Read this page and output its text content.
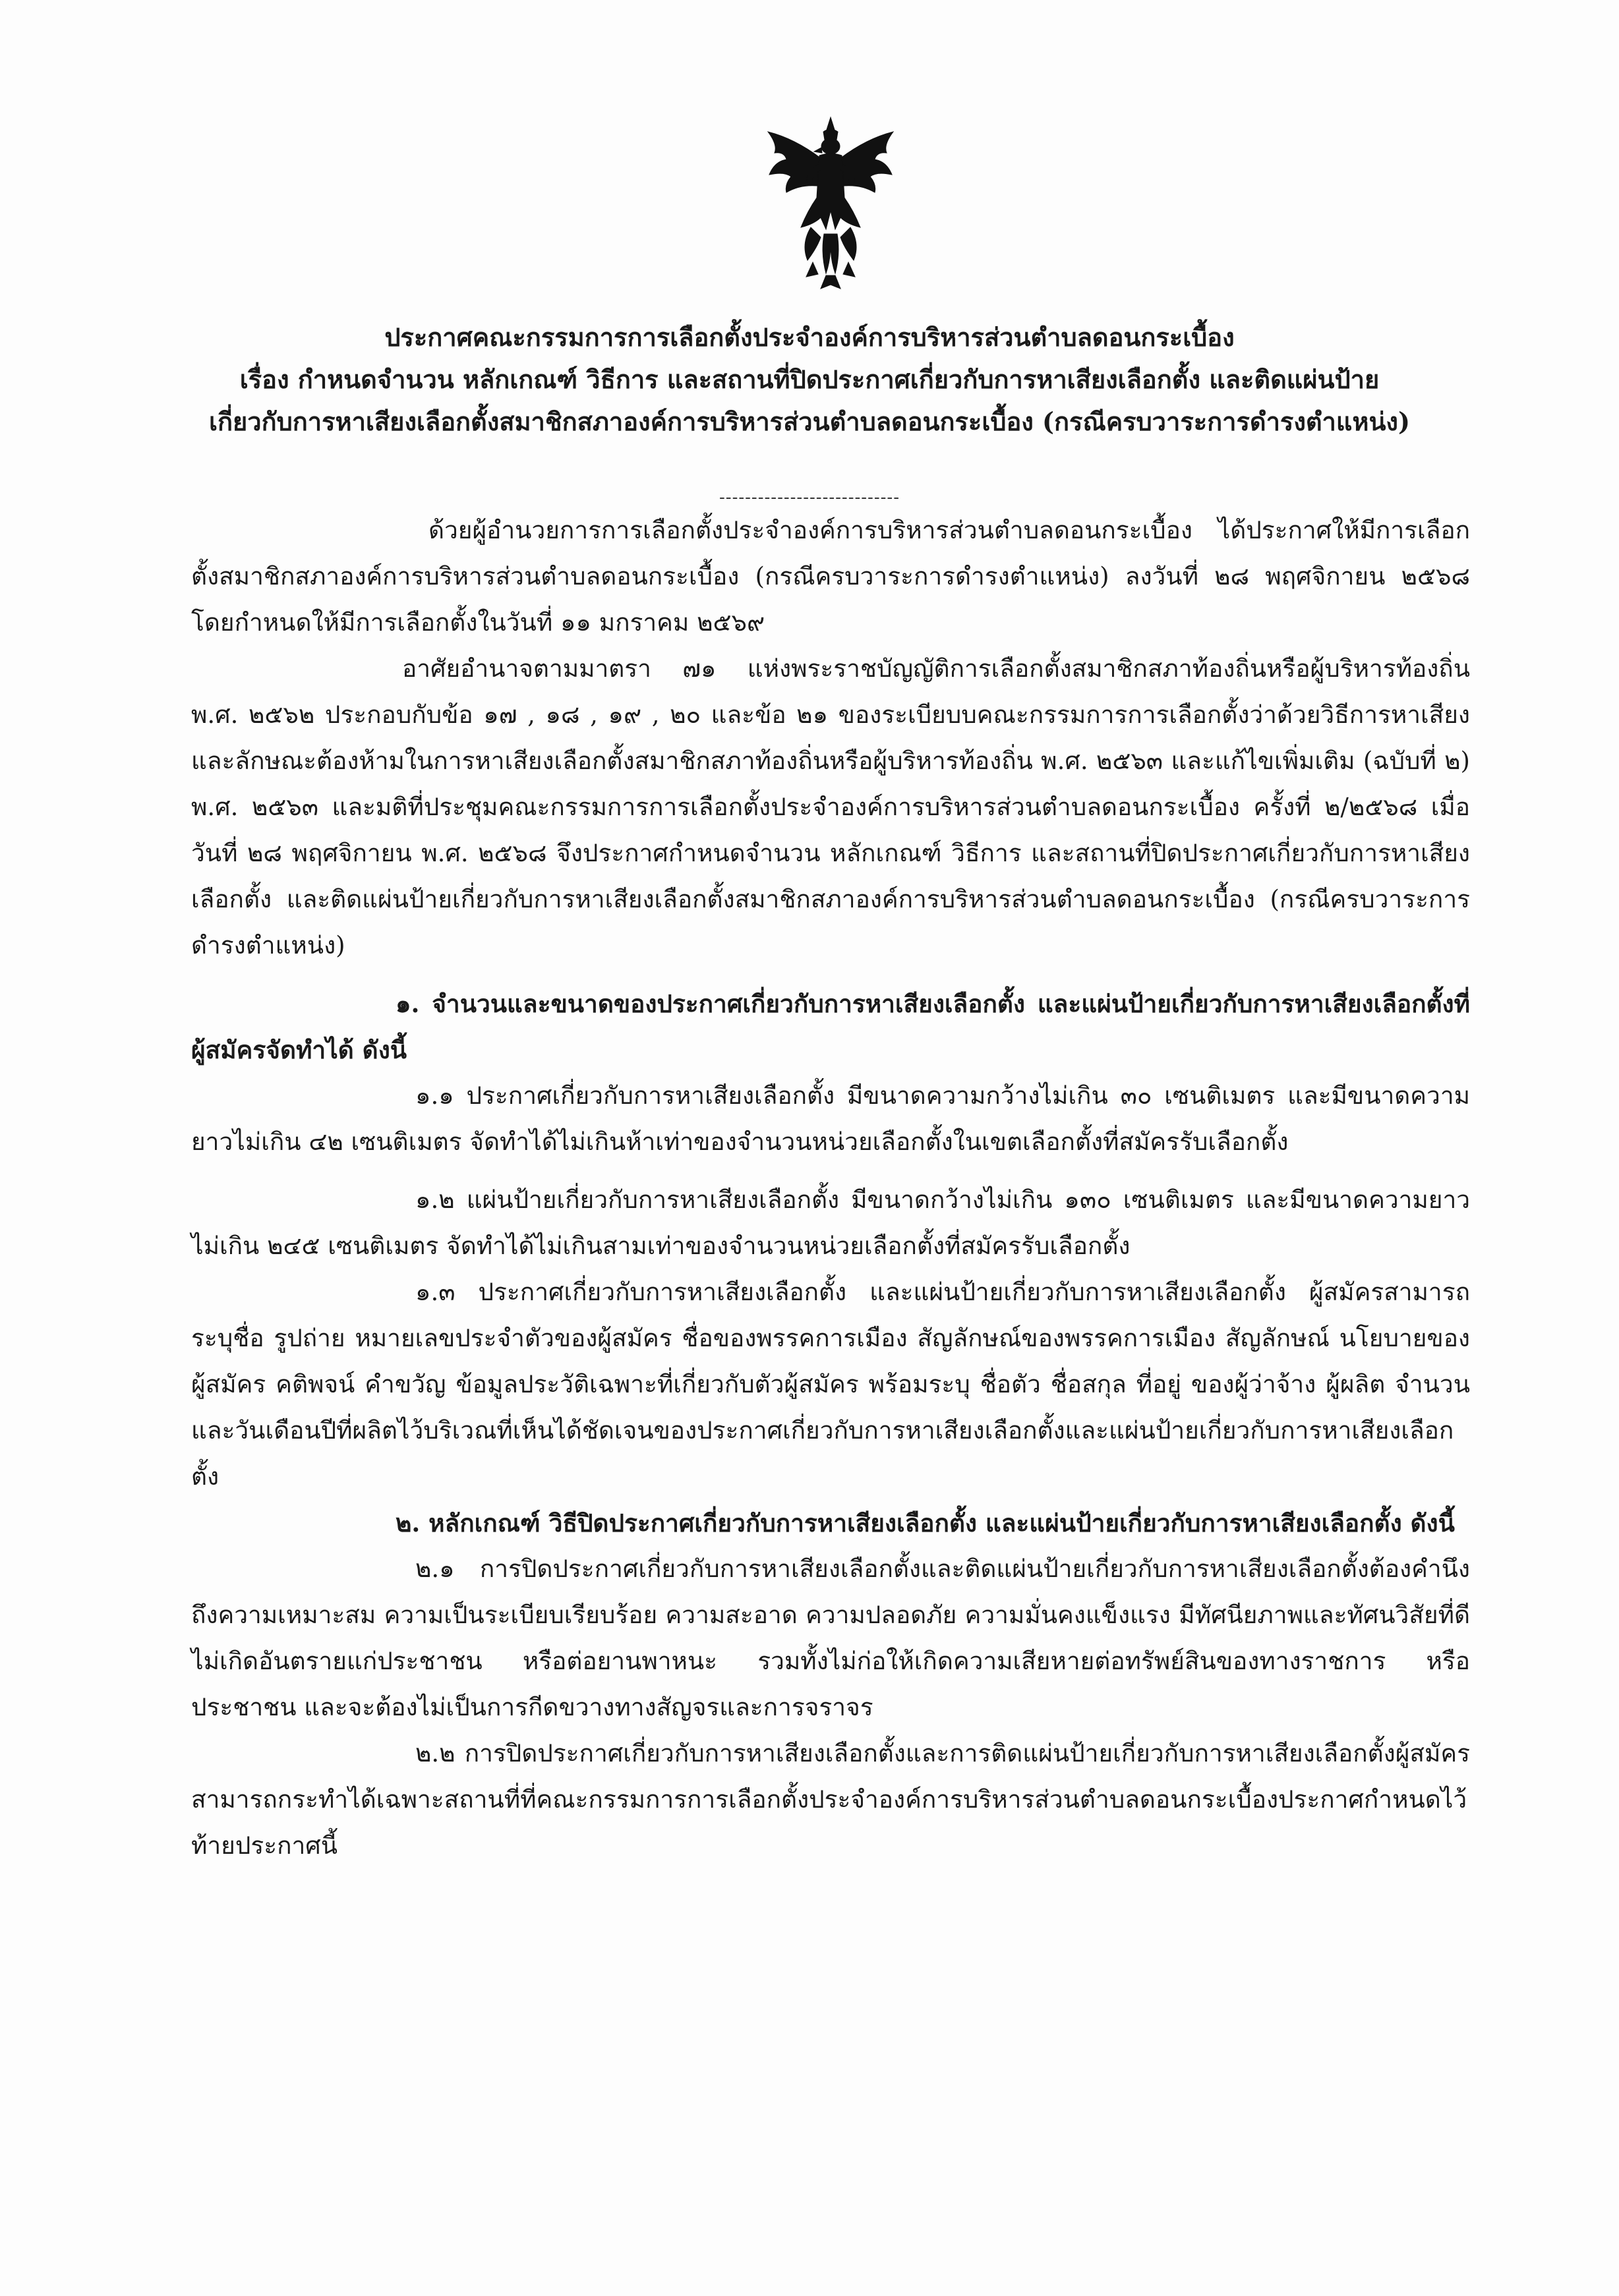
ประกาศคณะกรรมการการเลือกตั้งประจำองค์การบริหารส่วนตำบลดอนกระเบื้อง
เรื่อง กำหนดจำนวน หลักเกณฑ์ วิธีการ และสถานที่ปิดประกาศเกี่ยวกับการหาเสียงเลือกตั้ง และติดแผ่นป้าย
เกี่ยวกับการหาเสียงเลือกตั้งสมาชิกสภาองค์การบริหารส่วนตำบลดอนกระเบื้อง (กรณีครบวาระการดำรงตำแหน่ง)
----------------------------

ด้วยผู้อำนวยการการเลือกตั้งประจำองค์การบริหารส่วนตำบลดอนกระเบื้อง ได้ประกาศให้มีการเลือกตั้งสมาชิกสภาองค์การบริหารส่วนตำบลดอนกระเบื้อง (กรณีครบวาระการดำรงตำแหน่ง) ลงวันที่ ๒๘ พฤศจิกายน ๒๕๖๘ โดยกำหนดให้มีการเลือกตั้งในวันที่ ๑๑ มกราคม ๒๕๖๙

อาศัยอำนาจตามมาตรา ๗๑ แห่งพระราชบัญญัติการเลือกตั้งสมาชิกสภาท้องถิ่นหรือผู้บริหารท้องถิ่น พ.ศ. ๒๕๖๒ ประกอบกับข้อ ๑๗ , ๑๘ , ๑๙ , ๒๐ และข้อ ๒๑ ของระเบียบบคณะกรรมการการเลือกตั้งว่าด้วยวิธีการหาเสียงและลักษณะต้องห้ามในการหาเสียงเลือกตั้งสมาชิกสภาท้องถิ่นหรือผู้บริหารท้องถิ่น พ.ศ. ๒๕๖๓ และแก้ไขเพิ่มเติม (ฉบับที่ ๒) พ.ศ. ๒๕๖๓ และมติที่ประชุมคณะกรรมการการเลือกตั้งประจำองค์การบริหารส่วนตำบลดอนกระเบื้อง ครั้งที่ ๒/๒๕๖๘ เมื่อวันที่ ๒๘ พฤศจิกายน พ.ศ. ๒๕๖๘ จึงประกาศกำหนดจำนวน หลักเกณฑ์ วิธีการ และสถานที่ปิดประกาศเกี่ยวกับการหาเสียงเลือกตั้ง และติดแผ่นป้ายเกี่ยวกับการหาเสียงเลือกตั้งสมาชิกสภาองค์การบริหารส่วนตำบลดอนกระเบื้อง (กรณีครบวาระการดำรงตำแหน่ง)

๑. จำนวนและขนาดของประกาศเกี่ยวกับการหาเสียงเลือกตั้ง และแผ่นป้ายเกี่ยวกับการหาเสียงเลือกตั้งที่ผู้สมัครจัดทำได้ ดังนี้

๑.๑ ประกาศเกี่ยวกับการหาเสียงเลือกตั้ง มีขนาดความกว้างไม่เกิน ๓๐ เซนติเมตร และมีขนาดความยาวไม่เกิน ๔๒ เซนติเมตร จัดทำได้ไม่เกินห้าเท่าของจำนวนหน่วยเลือกตั้งในเขตเลือกตั้งที่สมัครรับเลือกตั้ง

๑.๒ แผ่นป้ายเกี่ยวกับการหาเสียงเลือกตั้ง มีขนาดกว้างไม่เกิน ๑๓๐ เซนติเมตร และมีขนาดความยาวไม่เกิน ๒๔๕ เซนติเมตร จัดทำได้ไม่เกินสามเท่าของจำนวนหน่วยเลือกตั้งที่สมัครรับเลือกตั้ง

๑.๓ ประกาศเกี่ยวกับการหาเสียงเลือกตั้ง และแผ่นป้ายเกี่ยวกับการหาเสียงเลือกตั้ง ผู้สมัครสามารถ ระบุชื่อ รูปถ่าย หมายเลขประจำตัวของผู้สมัคร ชื่อของพรรคการเมือง สัญลักษณ์ของพรรคการเมือง สัญลักษณ์ นโยบายของผู้สมัคร คติพจน์ คำขวัญ ข้อมูลประวัติเฉพาะที่เกี่ยวกับตัวผู้สมัคร พร้อมระบุ ชื่อตัว ชื่อสกุล ที่อยู่ ของผู้ว่าจ้าง ผู้ผลิต จำนวน และวันเดือนปีที่ผลิตไว้บริเวณที่เห็นได้ชัดเจนของประกาศเกี่ยวกับการหาเสียงเลือกตั้งและแผ่นป้ายเกี่ยวกับการหาเสียงเลือกตั้ง

๒. หลักเกณฑ์ วิธีปิดประกาศเกี่ยวกับการหาเสียงเลือกตั้ง และแผ่นป้ายเกี่ยวกับการหาเสียงเลือกตั้ง ดังนี้

๒.๑ การปิดประกาศเกี่ยวกับการหาเสียงเลือกตั้งและติดแผ่นป้ายเกี่ยวกับการหาเสียงเลือกตั้งต้องคำนึงถึงความเหมาะสม ความเป็นระเบียบเรียบร้อย ความสะอาด ความปลอดภัย ความมั่นคงแข็งแรง มีทัศนียภาพและทัศนวิสัยที่ดีไม่เกิดอันตรายแก่ประชาชน หรือต่อยานพาหนะ รวมทั้งไม่ก่อให้เกิดความเสียหายต่อทรัพย์สินของทางราชการ หรือประชาชน และจะต้องไม่เป็นการกีดขวางทางสัญจรและการจราจร

๒.๒ การปิดประกาศเกี่ยวกับการหาเสียงเลือกตั้งและการติดแผ่นป้ายเกี่ยวกับการหาเสียงเลือกตั้งผู้สมัครสามารถกระทำได้เฉพาะสถานที่ที่คณะกรรมการการเลือกตั้งประจำองค์การบริหารส่วนตำบลดอนกระเบื้องประกาศกำหนดไว้ท้ายประกาศนี้
